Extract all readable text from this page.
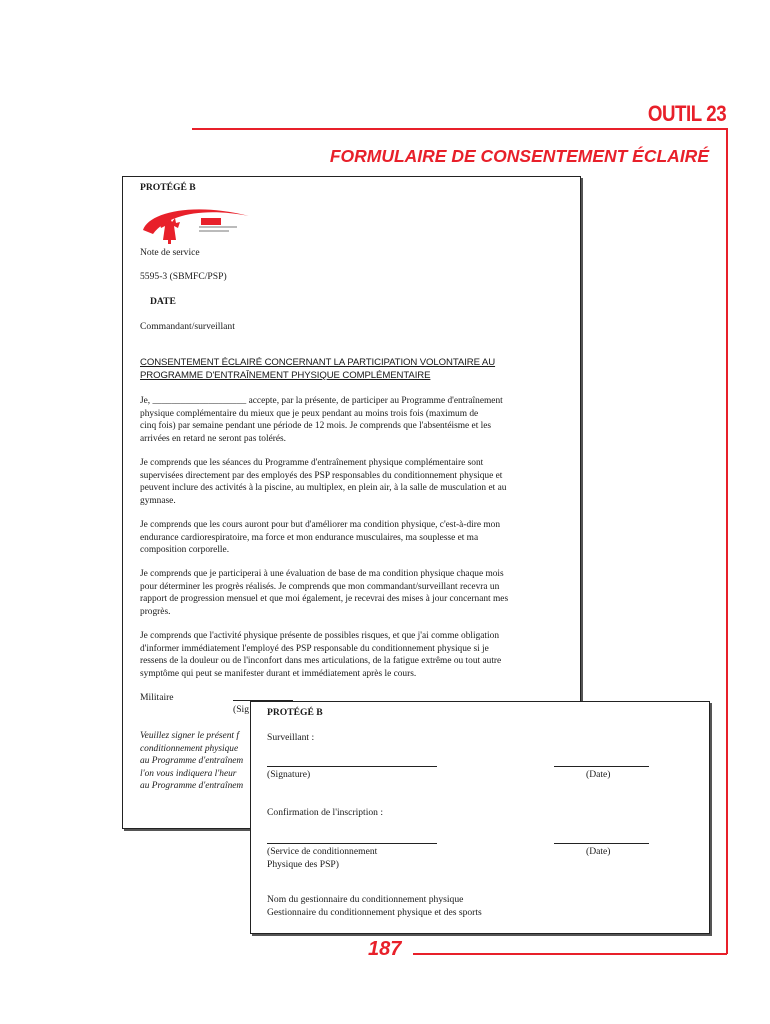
OUTIL 23
FORMULAIRE DE CONSENTEMENT ÉCLAIRÉ
187
PROTÉGÉ B
Note de service
5595-3 (SBMFC/PSP)
DATE
Commandant/surveillant
CONSENTEMENT ÉCLAIRÉ CONCERNANT LA PARTICIPATION VOLONTAIRE AU
PROGRAMME D'ENTRAÎNEMENT PHYSIQUE COMPLÉMENTAIRE
Je, ____________________ accepte, par la présente, de participer au Programme d'entraînement
physique complémentaire du mieux que je peux pendant au moins trois fois (maximum de
cinq fois) par semaine pendant une période de 12 mois. Je comprends que l'absentéisme et les
arrivées en retard ne seront pas tolérés.
Je comprends que les séances du Programme d'entraînement physique complémentaire sont
supervisées directement par des employés des PSP responsables du conditionnement physique et
peuvent inclure des activités à la piscine, au multiplex, en plein air, à la salle de musculation et au
gymnase.
Je comprends que les cours auront pour but d'améliorer ma condition physique, c'est-à-dire mon
endurance cardiorespiratoire, ma force et mon endurance musculaires, ma souplesse et ma
composition corporelle.
Je comprends que je participerai à une évaluation de base de ma condition physique chaque mois
pour déterminer les progrès réalisés. Je comprends que mon commandant/surveillant recevra un
rapport de progression mensuel et que moi également, je recevrai des mises à jour concernant mes
progrès.
Je comprends que l'activité physique présente de possibles risques, et que j'ai comme obligation
d'informer immédiatement l'employé des PSP responsable du conditionnement physique si je
ressens de la douleur ou de l'inconfort dans mes articulations, de la fatigue extrême ou tout autre
symptôme qui peut se manifester durant et immédiatement après le cours.
Militaire
(Sig
Veuillez signer le présent f
conditionnement physique
au Programme d'entraînem
l'on vous indiquera l'heur
au Programme d'entraînem
PROTÉGÉ B
Surveillant :
(Signature)	(Date)
Confirmation de l'inscription :
(Service de conditionnement
Physique des PSP)
(Date)
Nom du gestionnaire du conditionnement physique
Gestionnaire du conditionnement physique et des sports
